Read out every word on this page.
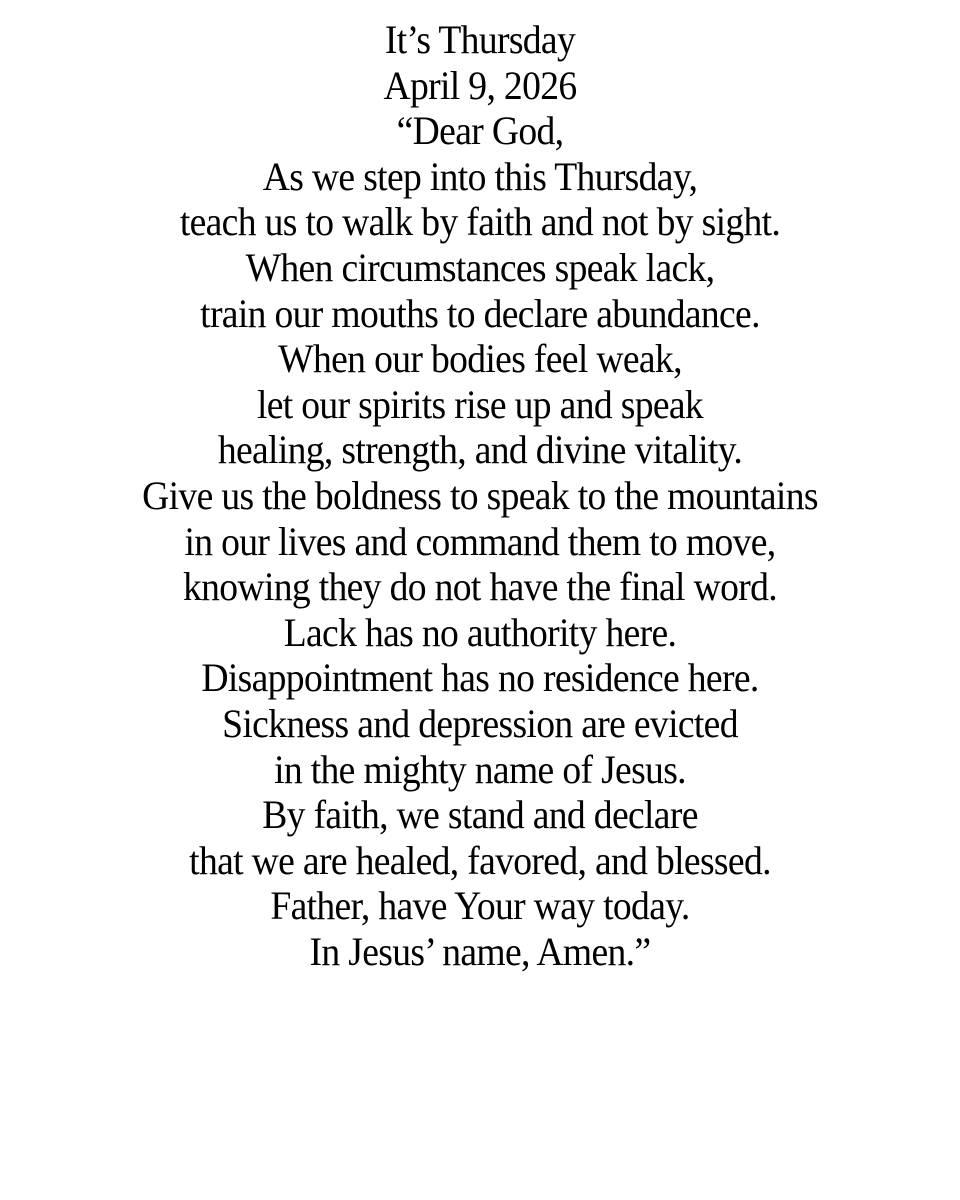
It’s Thursday
April 9, 2026
“Dear God,
As we step into this Thursday,
teach us to walk by faith and not by sight.
When circumstances speak lack,
train our mouths to declare abundance.
When our bodies feel weak,
let our spirits rise up and speak
healing, strength, and divine vitality.
Give us the boldness to speak to the mountains
in our lives and command them to move,
knowing they do not have the final word.
Lack has no authority here.
Disappointment has no residence here.
Sickness and depression are evicted
in the mighty name of Jesus.
By faith, we stand and declare
that we are healed, favored, and blessed.
Father, have Your way today.
In Jesus’ name, Amen.”
